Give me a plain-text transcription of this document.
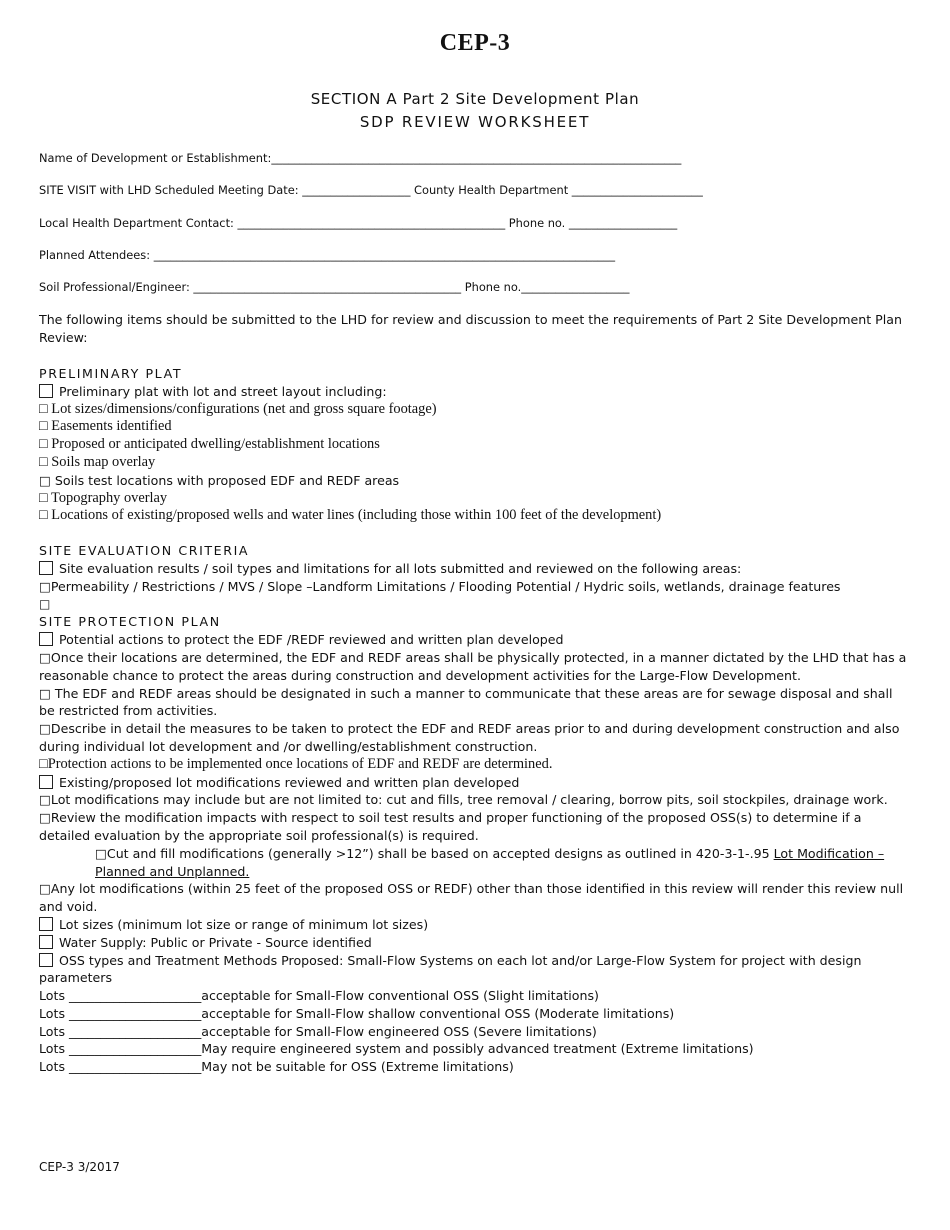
CEP-3
SECTION A Part 2 Site Development Plan
SDP REVIEW WORKSHEET
Name of Development or Establishment:________________________________________________________________________
SITE VISIT with LHD Scheduled Meeting Date: ___________________ County Health Department _______________________
Local Health Department Contact: _______________________________________________ Phone no. ___________________
Planned Attendees: _________________________________________________________________________________
Soil Professional/Engineer: _______________________________________________ Phone no.___________________
The following items should be submitted to the LHD for review and discussion to meet the requirements of Part 2 Site Development Plan Review:
PRELIMINARY PLAT
Preliminary plat with lot and street layout including:
□ Lot sizes/dimensions/configurations (net and gross square footage)
□ Easements identified
□ Proposed or anticipated dwelling/establishment locations
□ Soils map overlay
□ Soils test locations with proposed EDF and REDF areas
□ Topography overlay
□ Locations of existing/proposed wells and water lines (including those within 100 feet of the development)
SITE EVALUATION CRITERIA
Site evaluation results / soil types and limitations for all lots submitted and reviewed on the following areas:
□Permeability / Restrictions / MVS / Slope –Landform Limitations / Flooding Potential / Hydric soils, wetlands, drainage features
□
SITE PROTECTION PLAN
Potential actions to protect the EDF /REDF reviewed and written plan developed
□Once their locations are determined, the EDF and REDF areas shall be physically protected, in a manner dictated by the LHD that has a reasonable chance to protect the areas during construction and development activities for the Large-Flow Development.
□ The EDF and REDF areas should be designated in such a manner to communicate that these areas are for sewage disposal and shall be restricted from activities.
□Describe in detail the measures to be taken to protect the EDF and REDF areas prior to and during development construction and also during individual lot development and /or dwelling/establishment construction.
□Protection actions to be implemented once locations of EDF and REDF are determined.
Existing/proposed lot modifications reviewed and written plan developed
□Lot modifications may include but are not limited to: cut and fills, tree removal / clearing, borrow pits, soil stockpiles, drainage work.
□Review the modification impacts with respect to soil test results and proper functioning of the proposed OSS(s) to determine if a detailed evaluation by the appropriate soil professional(s) is required.
□Cut and fill modifications (generally >12”) shall be based on accepted designs as outlined in 420-3-1-.95 Lot Modification – Planned and Unplanned.
□Any lot modifications (within 25 feet of the proposed OSS or REDF) other than those identified in this review will render this review null and void.
Lot sizes (minimum lot size or range of minimum lot sizes)
Water Supply: Public or Private - Source identified
OSS types and Treatment Methods Proposed: Small-Flow Systems on each lot and/or Large-Flow System for project with design parameters
Lots _____________________acceptable for Small-Flow conventional OSS (Slight limitations)
Lots _____________________acceptable for Small-Flow shallow conventional OSS (Moderate limitations)
Lots _____________________acceptable for Small-Flow engineered OSS (Severe limitations)
Lots _____________________May require engineered system and possibly advanced treatment (Extreme limitations)
Lots _____________________May not be suitable for OSS (Extreme limitations)
CEP-3 3/2017
